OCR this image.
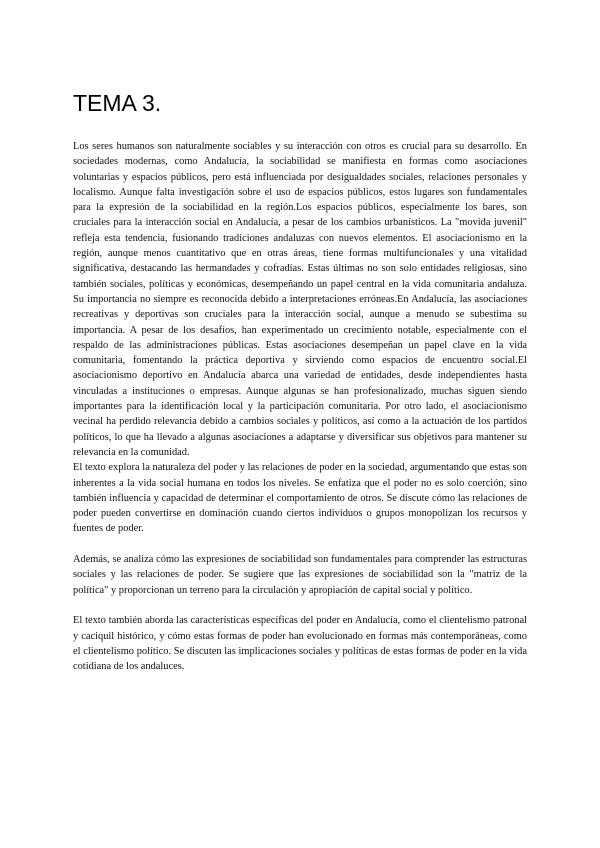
TEMA 3.

Los seres humanos son naturalmente sociables y su interacción con otros es crucial para su desarrollo. En sociedades modernas, como Andalucía, la sociabilidad se manifiesta en formas como asociaciones voluntarias y espacios públicos, pero está influenciada por desigualdades sociales, relaciones personales y localismo. Aunque falta investigación sobre el uso de espacios públicos, estos lugares son fundamentales para la expresión de la sociabilidad en la región.Los espacios públicos, especialmente los bares, son cruciales para la interacción social en Andalucía, a pesar de los cambios urbanísticos. La "movida juvenil" refleja esta tendencia, fusionando tradiciones andaluzas con nuevos elementos. El asociacionismo en la región, aunque menos cuantitativo que en otras áreas, tiene formas multifuncionales y una vitalidad significativa, destacando las hermandades y cofradías. Estas últimas no son solo entidades religiosas, sino también sociales, políticas y económicas, desempeñando un papel central en la vida comunitaria andaluza. Su importancia no siempre es reconocida debido a interpretaciones erróneas.En Andalucía, las asociaciones recreativas y deportivas son cruciales para la interacción social, aunque a menudo se subestima su importancia. A pesar de los desafíos, han experimentado un crecimiento notable, especialmente con el respaldo de las administraciones públicas. Estas asociaciones desempeñan un papel clave en la vida comunitaria, fomentando la práctica deportiva y sirviendo como espacios de encuentro social.El asociacionismo deportivo en Andalucía abarca una variedad de entidades, desde independientes hasta vinculadas a instituciones o empresas. Aunque algunas se han profesionalizado, muchas siguen siendo importantes para la identificación local y la participación comunitaria. Por otro lado, el asociacionismo vecinal ha perdido relevancia debido a cambios sociales y políticos, así como a la actuación de los partidos políticos, lo que ha llevado a algunas asociaciones a adaptarse y diversificar sus objetivos para mantener su relevancia en la comunidad.

El texto explora la naturaleza del poder y las relaciones de poder en la sociedad, argumentando que estas son inherentes a la vida social humana en todos los niveles. Se enfatiza que el poder no es solo coerción, sino también influencia y capacidad de determinar el comportamiento de otros. Se discute cómo las relaciones de poder pueden convertirse en dominación cuando ciertos individuos o grupos monopolizan los recursos y fuentes de poder.

Además, se analiza cómo las expresiones de sociabilidad son fundamentales para comprender las estructuras sociales y las relaciones de poder. Se sugiere que las expresiones de sociabilidad son la "matriz de la política" y proporcionan un terreno para la circulación y apropiación de capital social y político.

El texto también aborda las características específicas del poder en Andalucía, como el clientelismo patronal y caciquil histórico, y cómo estas formas de poder han evolucionado en formas más contemporáneas, como el clientelismo político. Se discuten las implicaciones sociales y políticas de estas formas de poder en la vida cotidiana de los andaluces.
